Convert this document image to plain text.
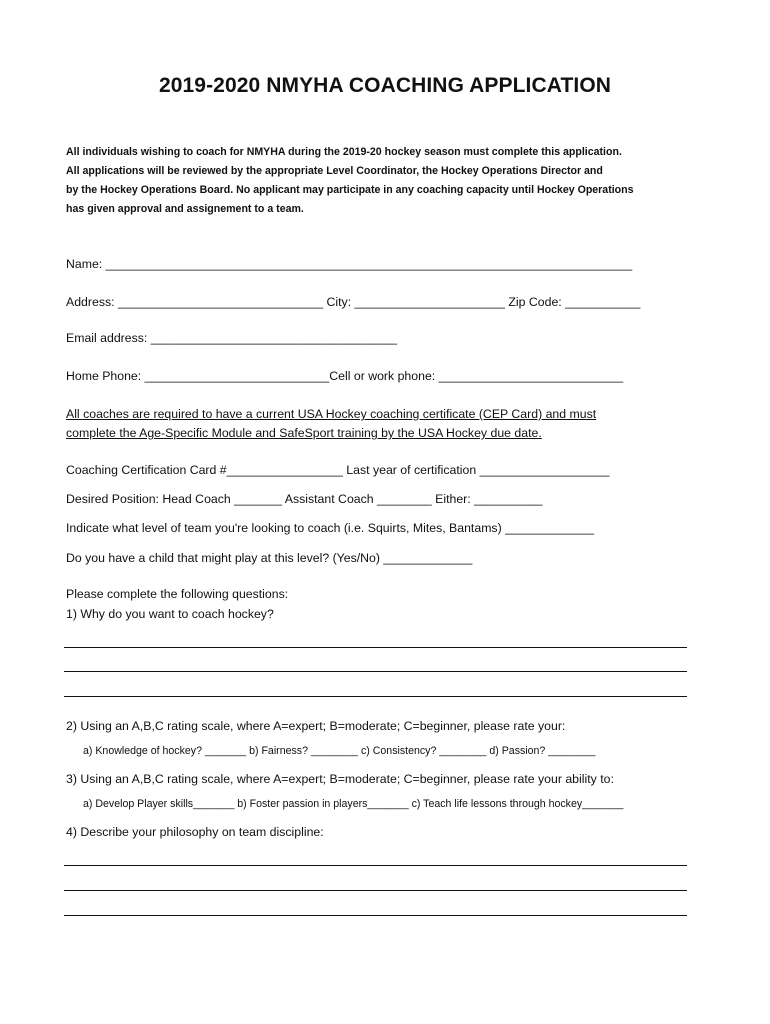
2019-2020 NMYHA COACHING APPLICATION
All individuals wishing to coach for NMYHA during the 2019-20 hockey season must complete this application.
All applications will be reviewed by the appropriate Level Coordinator, the Hockey Operations Director and
by the Hockey Operations Board. No applicant may participate in any coaching capacity until Hockey Operations
has given approval and assignement to a team.
Name: _____________________________________________________________________________
Address: ______________________________ City: ______________________ Zip Code: ___________
Email address: ____________________________________
Home Phone: ___________________________Cell or work phone: ___________________________
All coaches are required to have a current USA Hockey coaching certificate (CEP Card) and must
complete the Age-Specific Module and SafeSport training by the USA Hockey due date.
Coaching Certification Card #_________________ Last year of certification ___________________
Desired Position: Head Coach _______ Assistant Coach ________ Either: __________
Indicate what level of team you're looking to coach (i.e. Squirts, Mites, Bantams) _____________
Do you have a child that might play at this level? (Yes/No) _____________
Please complete the following questions:
1) Why do you want to coach hockey?
2) Using an A,B,C rating scale, where A=expert; B=moderate; C=beginner, please rate your:
a) Knowledge of hockey? _______ b) Fairness? ________ c) Consistency? ________ d) Passion? ________
3) Using an A,B,C rating scale, where A=expert; B=moderate; C=beginner, please rate your ability to:
a) Develop Player skills_______ b) Foster passion in players_______ c) Teach life lessons through hockey_______
4) Describe your philosophy on team discipline:
